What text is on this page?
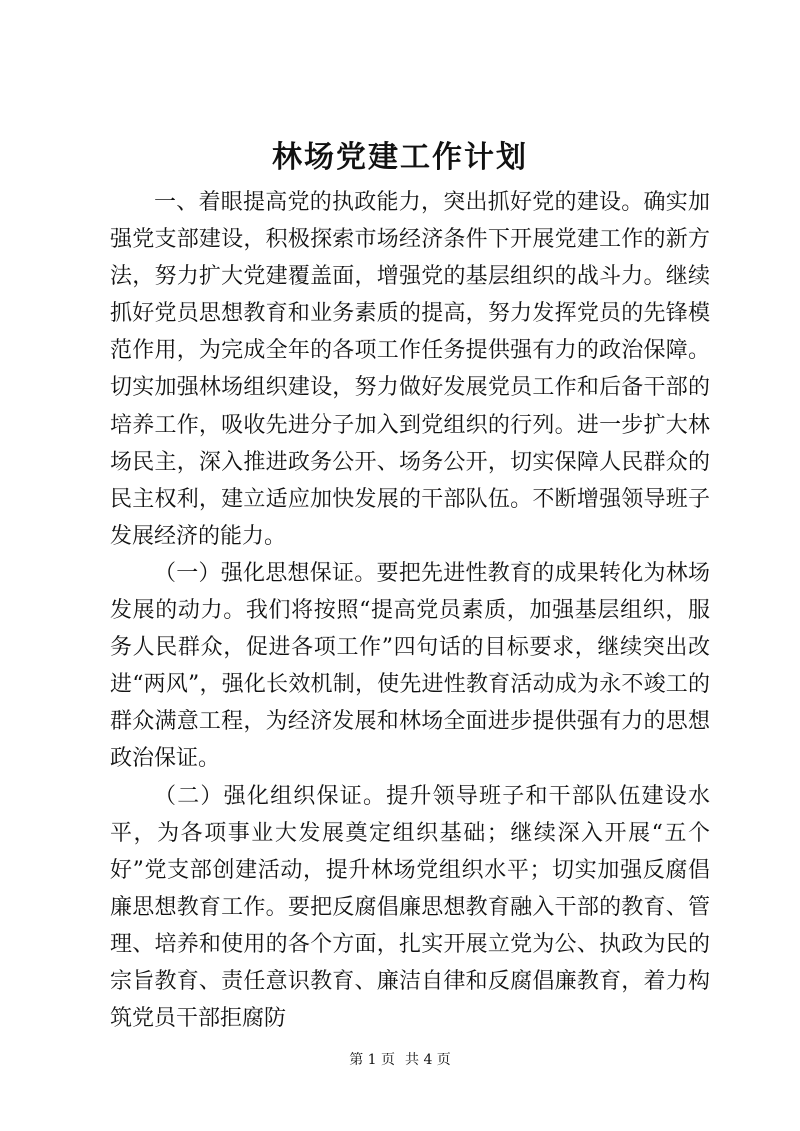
林场党建工作计划

一、着眼提高党的执政能力，突出抓好党的建设。确实加强党支部建设，积极探索市场经济条件下开展党建工作的新方法，努力扩大党建覆盖面，增强党的基层组织的战斗力。继续抓好党员思想教育和业务素质的提高，努力发挥党员的先锋模范作用，为完成全年的各项工作任务提供强有力的政治保障。切实加强林场组织建设，努力做好发展党员工作和后备干部的培养工作，吸收先进分子加入到党组织的行列。进一步扩大林场民主，深入推进政务公开、场务公开，切实保障人民群众的民主权利，建立适应加快发展的干部队伍。不断增强领导班子发展经济的能力。

（一）强化思想保证。要把先进性教育的成果转化为林场发展的动力。我们将按照“提高党员素质，加强基层组织，服务人民群众，促进各项工作”四句话的目标要求，继续突出改进“两风”，强化长效机制，使先进性教育活动成为永不竣工的群众满意工程，为经济发展和林场全面进步提供强有力的思想政治保证。

（二）强化组织保证。提升领导班子和干部队伍建设水平，为各项事业大发展奠定组织基础；继续深入开展“五个好”党支部创建活动，提升林场党组织水平；切实加强反腐倡廉思想教育工作。要把反腐倡廉思想教育融入干部的教育、管理、培养和使用的各个方面，扎实开展立党为公、执政为民的宗旨教育、责任意识教育、廉洁自律和反腐倡廉教育，着力构筑党员干部拒腐防

第 1 页 共 4 页
